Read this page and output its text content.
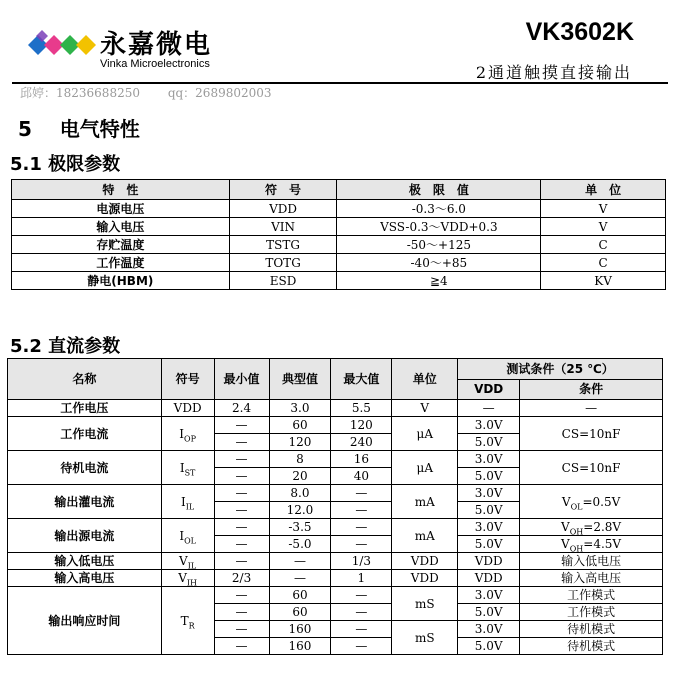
永嘉微电
Vinka Microelectronics
VK3602K
2通道触摸直接输出
邱婷：18236688250 qq：2689802003
5 电气特性
5.1 极限参数
特　性	符　号	极　限　值	单　位
电源电压	VDD	-0.3～6.0	V
输入电压	VIN	VSS-0.3～VDD+0.3	V
存贮温度	TSTG	-50～+125	C
工作温度	TOTG	-40～+85	C
静电(HBM)	ESD	≧4	KV
5.2 直流参数
名称	符号	最小值	典型值	最大值	单位	测试条件（25 ℃）	
						VDD	条件
工作电压	VDD	2.4	3.0	5.5	V	—	—
工作电流	$I_{OP}$	—	60	120	μA	3.0V	CS=10nF
		—	120	240		5.0V	
待机电流	$I_{ST}$	—	8	16	μA	3.0V	CS=10nF
		—	20	40		5.0V	
输出灌电流	$I_{IL}$	—	8.0	—	mA	3.0V	$V_{OL}=0.5V$
		—	12.0	—		5.0V	
输出源电流	$I_{OL}$	—	-3.5	—	mA	3.0V	$V_{OH}=2.8V$
		—	-5.0	—		5.0V	$V_{OH}=4.5V$
输入低电压	$V_{IL}$	—	—	1/3	VDD	VDD	输入低电压
输入高电压	$V_{IH}$	2/3	—	1	VDD	VDD	输入高电压
输出响应时间	$T_R$	—	60	—	mS	3.0V	工作模式
		—	60	—		5.0V	工作模式
		—	160	—	mS	3.0V	待机模式
		—	160	—		5.0V	待机模式
